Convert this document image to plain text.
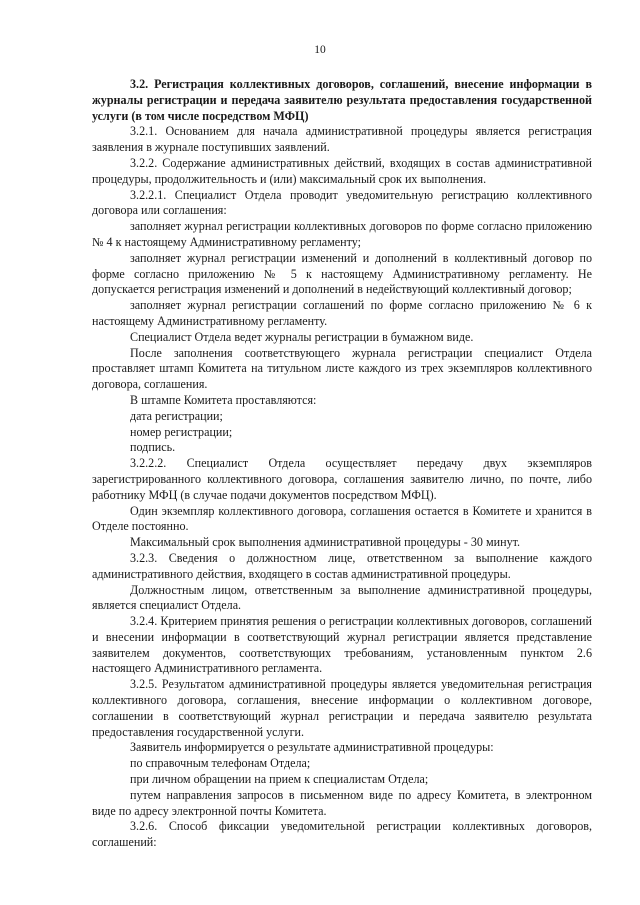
10

3.2. Регистрация коллективных договоров, соглашений, внесение информации в журналы регистрации и передача заявителю результата предоставления государственной услуги (в том числе посредством МФЦ)

3.2.1. Основанием для начала административной процедуры является регистрация заявления в журнале поступивших заявлений.

3.2.2. Содержание административных действий, входящих в состав административной процедуры, продолжительность и (или) максимальный срок их выполнения.

3.2.2.1. Специалист Отдела проводит уведомительную регистрацию коллективного договора или соглашения:

заполняет журнал регистрации коллективных договоров по форме согласно приложению № 4 к настоящему Административному регламенту;

заполняет журнал регистрации изменений и дополнений в коллективный договор по форме согласно приложению № 5 к настоящему Административному регламенту. Не допускается регистрация изменений и дополнений в недействующий коллективный договор;

заполняет журнал регистрации соглашений по форме согласно приложению № 6 к настоящему Административному регламенту.

Специалист Отдела ведет журналы регистрации в бумажном виде.

После заполнения соответствующего журнала регистрации специалист Отдела проставляет штамп Комитета на титульном листе каждого из трех экземпляров коллективного договора, соглашения.

В штампе Комитета проставляются:

дата регистрации;

номер регистрации;

подпись.

3.2.2.2. Специалист Отдела осуществляет передачу двух экземпляров зарегистрированного коллективного договора, соглашения заявителю лично, по почте, либо работнику МФЦ (в случае подачи документов посредством МФЦ).

Один экземпляр коллективного договора, соглашения остается в Комитете и хранится в Отделе постоянно.

Максимальный срок выполнения административной процедуры - 30 минут.

3.2.3. Сведения о должностном лице, ответственном за выполнение каждого административного действия, входящего в состав административной процедуры.

Должностным лицом, ответственным за выполнение административной процедуры, является специалист Отдела.

3.2.4. Критерием принятия решения о регистрации коллективных договоров, соглашений и внесении информации в соответствующий журнал регистрации является представление заявителем документов, соответствующих требованиям, установленным пунктом 2.6 настоящего Административного регламента.

3.2.5. Результатом административной процедуры является уведомительная регистрация коллективного договора, соглашения, внесение информации о коллективном договоре, соглашении в соответствующий журнал регистрации и передача заявителю результата предоставления государственной услуги.

Заявитель информируется о результате административной процедуры:

по справочным телефонам Отдела;

при личном обращении на прием к специалистам Отдела;

путем направления запросов в письменном виде по адресу Комитета, в электронном виде по адресу электронной почты Комитета.

3.2.6. Способ фиксации уведомительной регистрации коллективных договоров, соглашений:
